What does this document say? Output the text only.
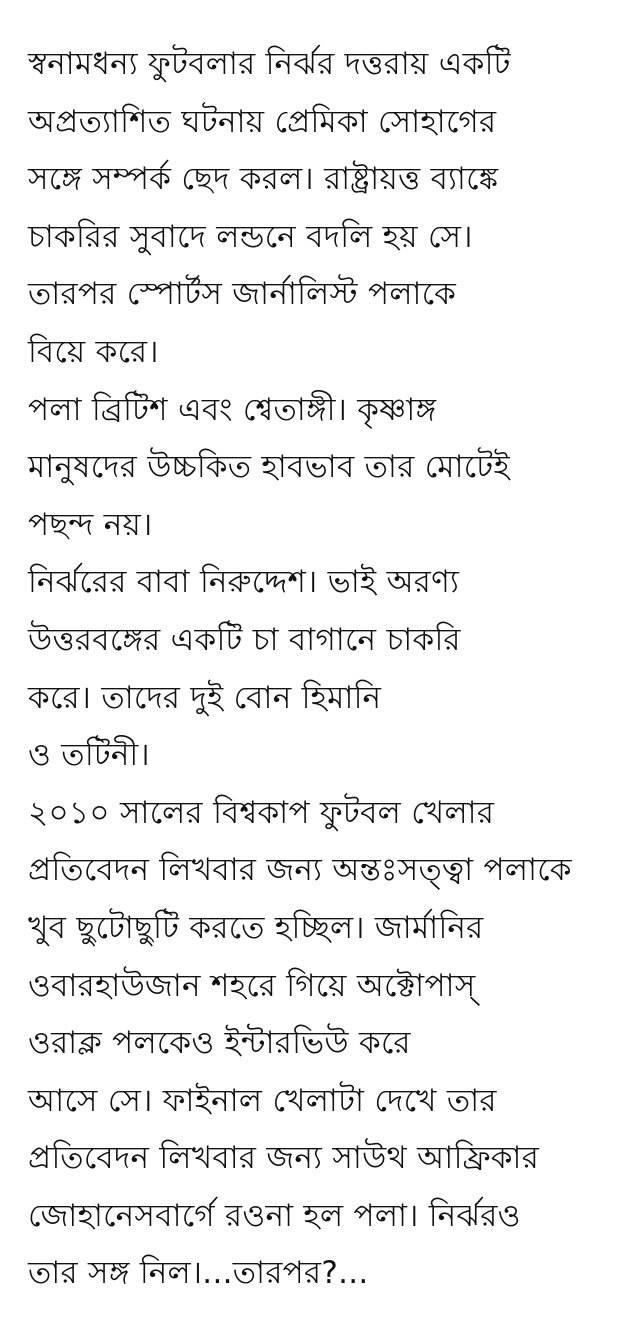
স্বনামধন্য ফুটবলার নির্ঝর দত্তরায় একটি
অপ্রত্যাশিত ঘটনায় প্রেমিকা সোহাগের
সঙ্গে সম্পর্ক ছেদ করল। রাষ্ট্রায়ত্ত ব্যাঙ্কে
চাকরির সুবাদে লন্ডনে বদলি হয় সে।
তারপর স্পোর্টস জার্নালিস্ট পলাকে
বিয়ে করে।
পলা ব্রিটিশ এবং শ্বেতাঙ্গী। কৃষ্ণাঙ্গ
মানুষদের উচ্চকিত হাবভাব তার মোটেই
পছন্দ নয়।
নির্ঝরের বাবা নিরুদ্দেশ। ভাই অরণ্য
উত্তরবঙ্গের একটি চা বাগানে চাকরি
করে। তাদের দুই বোন হিমানি
ও তটিনী।
২০১০ সালের বিশ্বকাপ ফুটবল খেলার
প্রতিবেদন লিখবার জন্য অন্তঃসত্ত্বা পলাকে
খুব ছুটোছুটি করতে হচ্ছিল। জার্মানির
ওবারহাউজান শহরে গিয়ে অক্টোপাস্
ওরাক্ল পলকেও ইন্টারভিউ করে
আসে সে। ফাইনাল খেলাটা দেখে তার
প্রতিবেদন লিখবার জন্য সাউথ আফ্রিকার
জোহানেসবার্গে রওনা হল পলা। নির্ঝরও
তার সঙ্গ নিল।...তারপর?...
